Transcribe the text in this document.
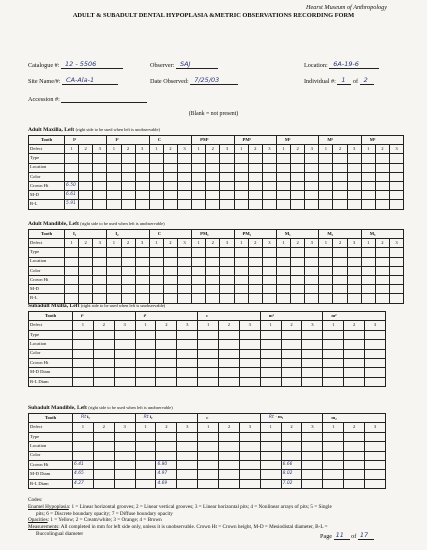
Hearst Museum of Anthropology
ADULT & SUBADULT DENTAL HYPOPLASIA &METRIC OBSERVATIONS RECORDING FORM
Catalogue #: 12 - 5506	Observer: SAJ	Location: 6A-19-6
Site Name/#: CA-Ala-1	Date Observed: 7/25/03	Individual #: 1 of 2
Accession #:
(Blank = not present)
Adult Maxilla, Left (right side to be used when left is unobservable)
Adult Mandible, Left (right side to be used when left is unobservable)
Subadult Mxilla, Left (right side to be used when left is unobservable)
Subadult Mandible, Left (right side to be used when left is unobservable)
Tooth	I¹			I²			C			PM¹			PM²			M¹			M²			M³		
Defect	1	2	3	1	2	3	1	2	3	1	2	3	1	2	3	1	2	3	1	2	3	1	2	3
Type																								
Location																								
Color																								
Crown Ht	6.50																							
M-D	6.61																							
B-L	5.91																							
Tooth	I₁			I₂			C			PM₁			PM₂			M₁			M₂			M₃		
Defect	1	2	3	1	2	3	1	2	3	1	2	3	1	2	3	1	2	3	1	2	3	1	2	3
Type																								
Location																								
Color																								
Crown Ht																								
M-D																								
B-L																								
Tooth	i¹			i²			c			m¹			m²		
Defect	1	2	3	1	2	3	1	2	3	1	2	3	1	2	3
Type															
Location															
Color															
Crown Ht															
M-D Diam															
B-L Diam															
Tooth	Rt i₁			Rt i₂			c			Rt - m₁			m₂		
Defect	1	2	3	1	2	3	1	2	3	1	2	3	1	2	3
Type															
Location															
Color															
Crown Ht	6.41				6.80						6.66				
M-D Diam	4.65				4.97						8.02				
B-L Diam	4.27				4.69						7.02				
Codes:
Enamel Hypoplasia: 1 = Linear horizontal grooves; 2 = Linear vertical grooves; 3 = Linear horizontal pits; 4 = Nonlinear arrays of pits; 5 = Single
pits; 6 = Discrete boundary opacity; 7 = Diffuse boundary opacity
Opacities: 1 = Yellow; 2 = Cream/white; 3 = Orange; 4 = Brown
Measurements: All completed in mm for left side only, unless it is unobservable. Crown Ht = Crown height, M-D = Mesiodistal diameter, B-L =
Buccolingual diameter	Page 11 of 17
